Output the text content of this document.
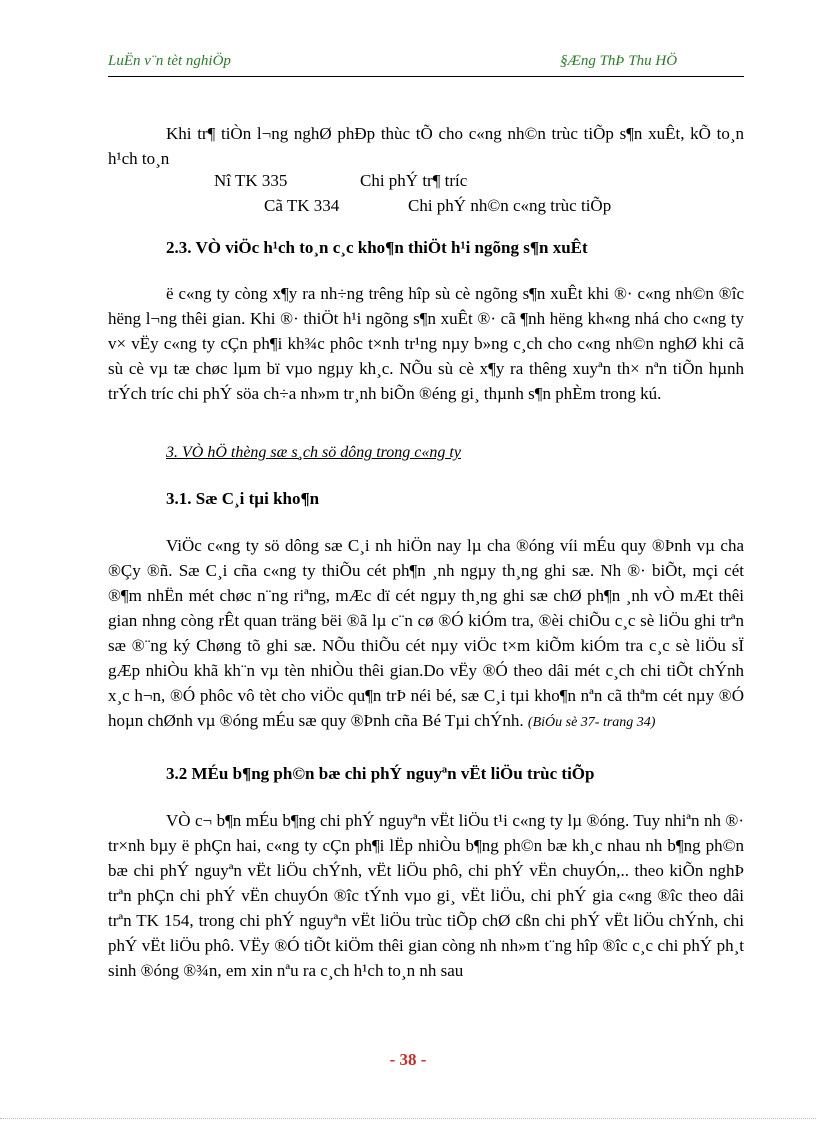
LuËn v¨n tèt nghiÖp	§Æng ThÞ Thu HÖ

Khi tr¶ tiÒn l¬ng nghØ phÐp thùc tÕ cho c«ng nh©n trùc tiÕp s¶n xuÊt, kÕ to¸n h¹ch to¸n

Nî TK 335	Chi phÝ tr¶ tríc
Cã TK 334	Chi phÝ nh©n c«ng trùc tiÕp
2.3. VÒ viÖc h¹ch to¸n c¸c kho¶n thiÖt h¹i ngõng s¶n xuÊt

ë c«ng ty còng x¶y ra nh÷ng trêng hîp sù cè ngõng s¶n xuÊt khi ®· c«ng nh©n ®îc hëng l¬ng thêi gian. Khi ®· thiÖt h¹i ngõng s¶n xuÊt ®· cã ¶nh hëng kh«ng nhá cho c«ng ty v× vËy c«ng ty cÇn ph¶i kh¾c phôc t×nh tr¹ng nµy b»ng c¸ch cho c«ng nh©n nghØ khi cã sù cè vµ tæ chøc lµm bï vµo ngµy kh¸c. NÕu sù cè x¶y ra thêng xuyªn th× nªn tiÕn hµnh trÝch tríc chi phÝ söa ch÷a nh»m tr¸nh biÕn ®éng gi¸ thµnh s¶n phÈm trong kú.

3. VÒ hÖ thèng sæ s¸ch sö dông trong c«ng ty
3.1. Sæ C¸i tµi kho¶n

ViÖc c«ng ty sö dông sæ C¸i nh hiÖn nay lµ cha ®óng víi mÉu quy ®Þnh vµ cha ®Çy ®ñ. Sæ C¸i cña c«ng ty thiÕu cét ph¶n ¸nh ngµy th¸ng ghi sæ. Nh ®· biÕt, mçi cét ®¶m nhËn mét chøc n¨ng riªng, mÆc dï cét ngµy th¸ng ghi sæ chØ ph¶n ¸nh vÒ mÆt thêi gian nhng còng rÊt quan träng bëi ®ã lµ c¨n cø ®Ó kiÓm tra, ®èi chiÕu c¸c sè liÖu ghi trªn sæ ®¨ng ký Chøng tõ ghi sæ. NÕu thiÕu cét nµy viÖc t×m kiÕm kiÓm tra c¸c sè liÖu sÏ gÆp nhiÒu khã kh¨n vµ tèn nhiÒu thêi gian.Do vËy ®Ó theo dâi mét c¸ch chi tiÕt chÝnh x¸c h¬n, ®Ó phôc vô tèt cho viÖc qu¶n trÞ néi bé, sæ C¸i tµi kho¶n nªn cã thªm cét nµy ®Ó hoµn chØnh vµ ®óng mÉu sæ quy ®Þnh cña Bé Tµi chÝnh. (BiÓu sè 37- trang 34)

3.2 MÉu b¶ng ph©n bæ chi phÝ nguyªn vËt liÖu trùc tiÕp

VÒ c¬ b¶n mÉu b¶ng chi phÝ nguyªn vËt liÖu t¹i c«ng ty lµ ®óng. Tuy nhiªn nh ®· tr×nh bµy ë phÇn hai, c«ng ty cÇn ph¶i lËp nhiÒu b¶ng ph©n bæ kh¸c nhau nh b¶ng ph©n bæ chi phÝ nguyªn vËt liÖu chÝnh, vËt liÖu phô, chi phÝ vËn chuyÓn,.. theo kiÕn nghÞ trªn phÇn chi phÝ vËn chuyÓn ®îc tÝnh vµo gi¸ vËt liÖu, chi phÝ gia c«ng ®îc theo dâi trªn TK 154, trong chi phÝ nguyªn vËt liÖu trùc tiÕp chØ cßn chi phÝ vËt liÖu chÝnh, chi phÝ vËt liÖu phô. VËy ®Ó tiÕt kiÖm thêi gian còng nh nh»m t¨ng hîp ®îc c¸c chi phÝ ph¸t sinh ®óng ®¾n, em xin nªu ra c¸ch h¹ch to¸n nh sau

- 38 -
